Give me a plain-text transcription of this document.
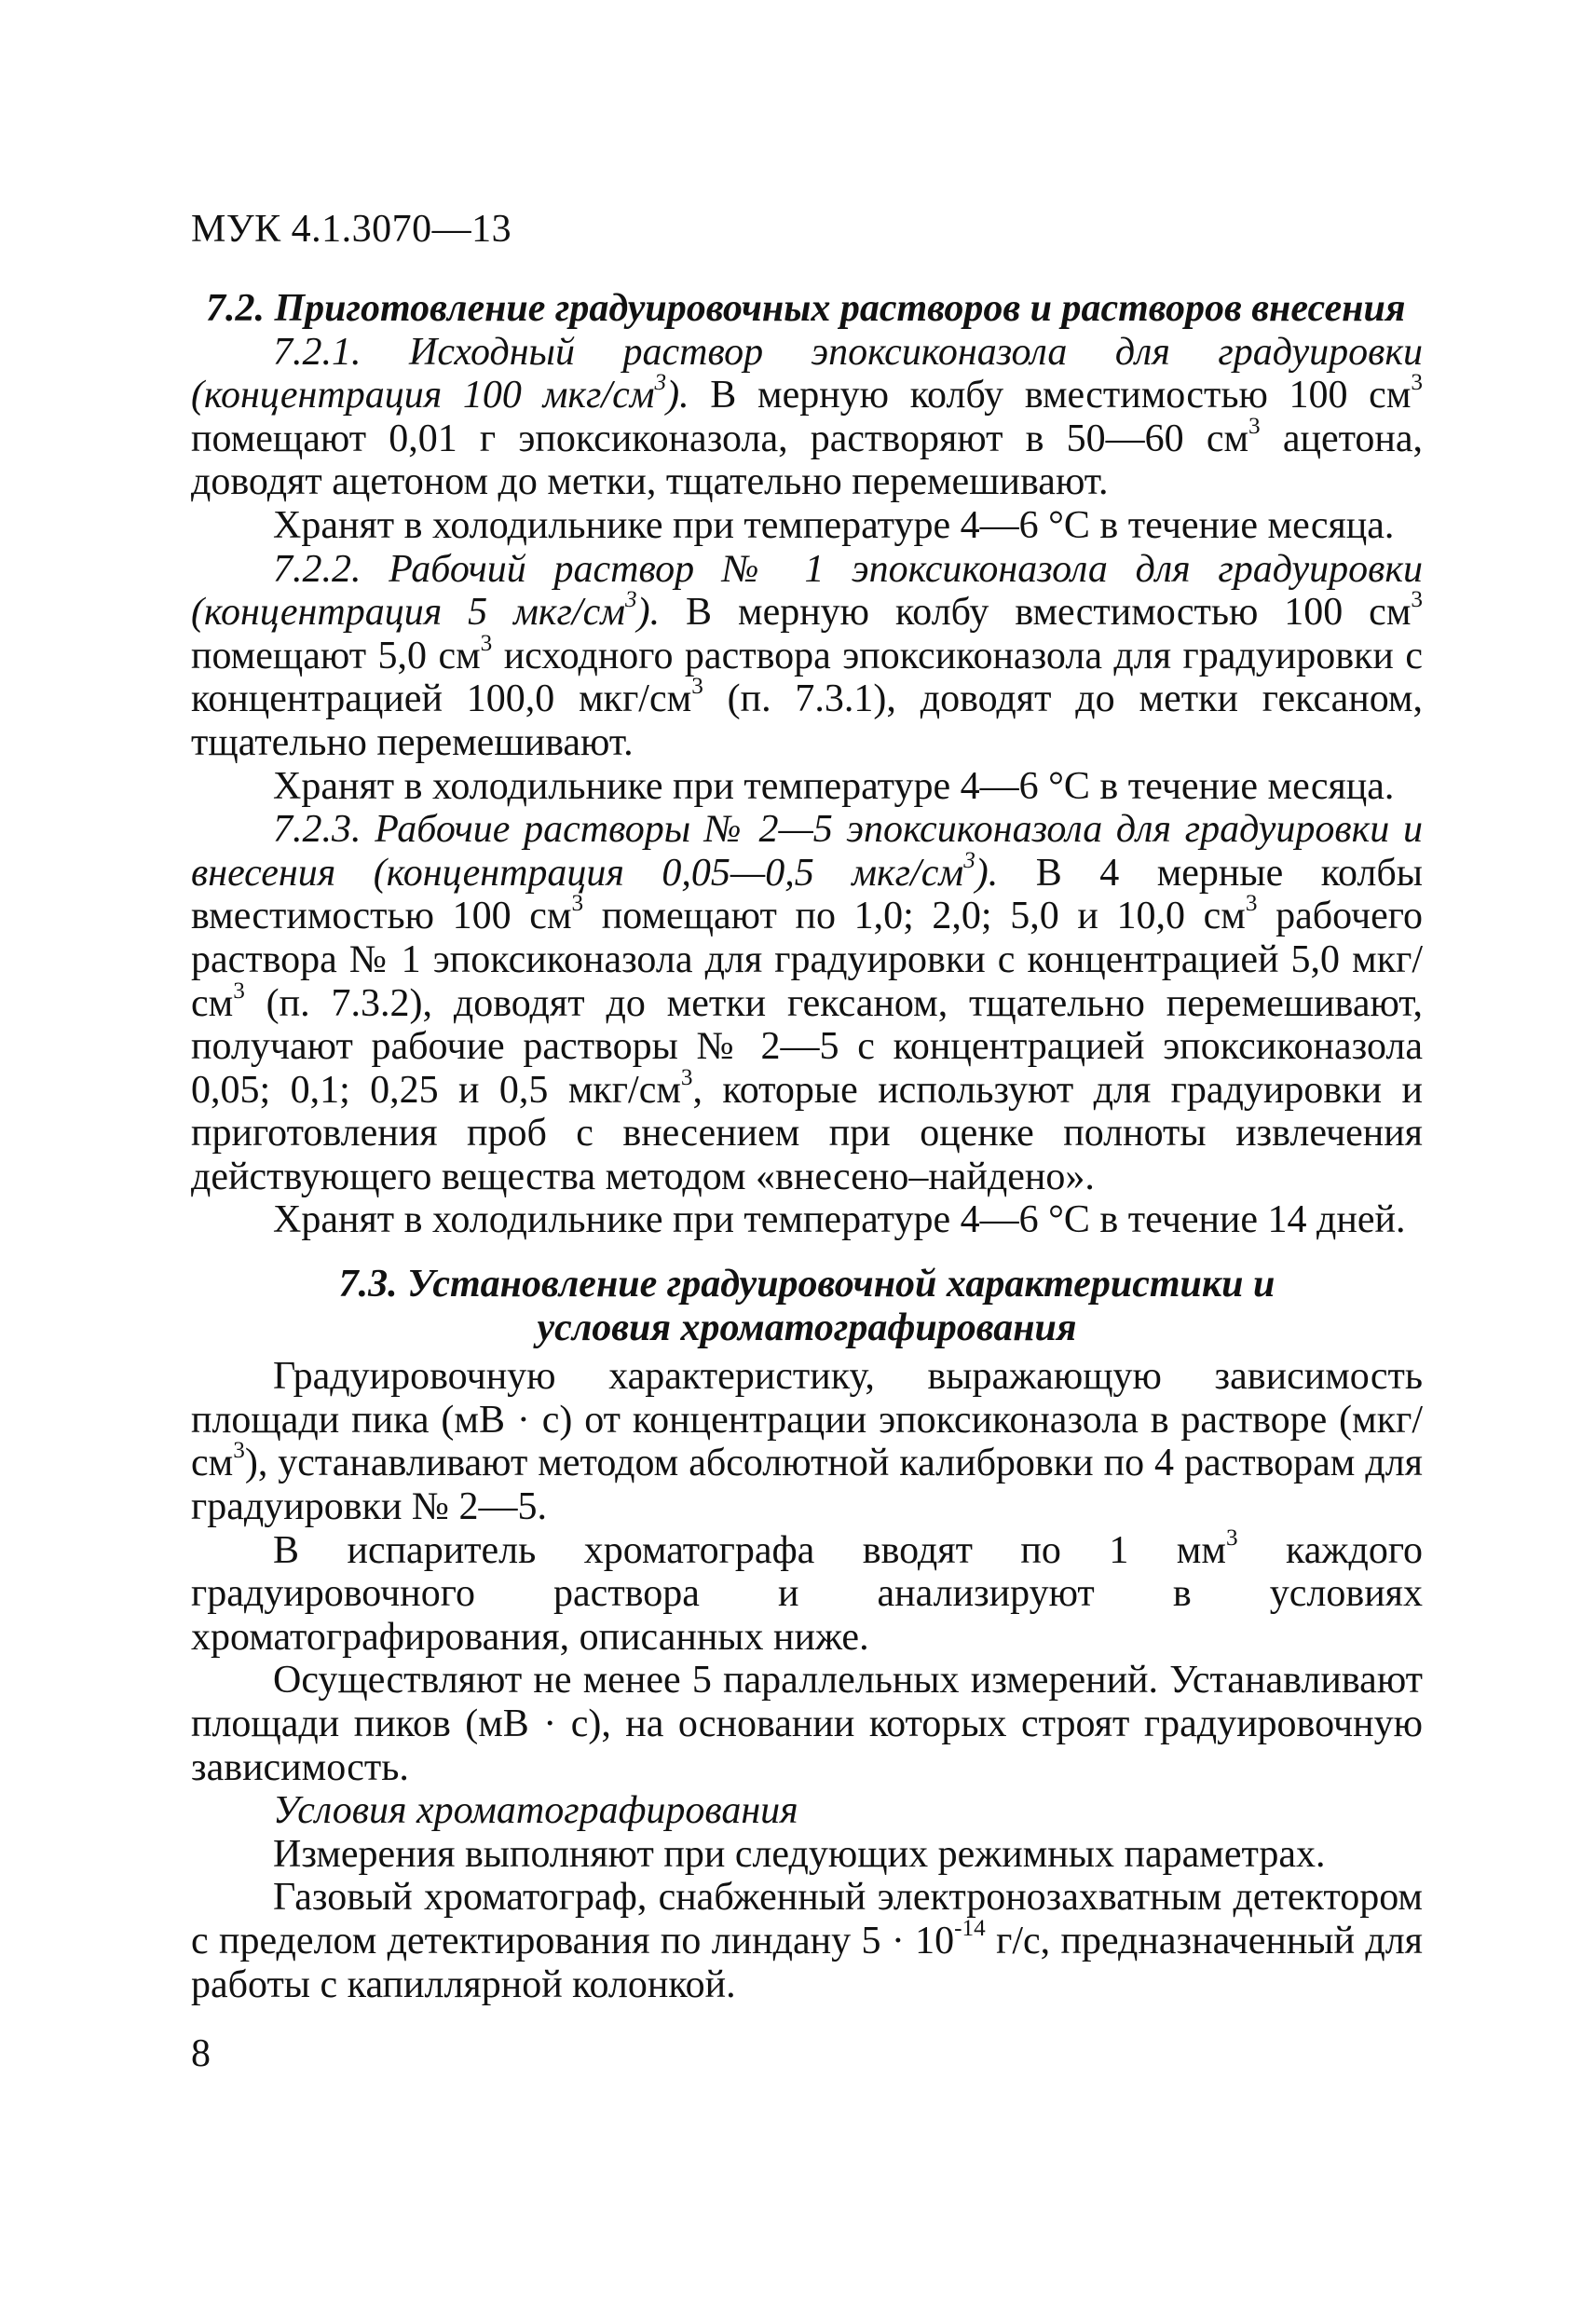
МУК 4.1.3070—13

7.2. Приготовление градуировочных растворов и растворов внесения

7.2.1. Исходный раствор эпоксиконазола для градуировки (концентрация 100 мкг/$см^3$). В мерную колбу вместимостью 100 $см^3$ помещают 0,01 г эпоксиконазола, растворяют в 50—60 $см^3$ ацетона, доводят ацетоном до метки, тщательно перемешивают.

Хранят в холодильнике при температуре 4—6 °С в течение месяца.

7.2.2. Рабочий раствор № 1 эпоксиконазола для градуировки (концентрация 5 мкг/$см^3$). В мерную колбу вместимостью 100 $см^3$ помещают 5,0 $см^3$ исходного раствора эпоксиконазола для градуировки с концентрацией 100,0 мкг/$см^3$ (п. 7.3.1), доводят до метки гексаном, тщательно перемешивают.

Хранят в холодильнике при температуре 4—6 °С в течение месяца.

7.2.3. Рабочие растворы № 2—5 эпоксиконазола для градуировки и внесения (концентрация 0,05—0,5 мкг/$см^3$). В 4 мерные колбы вместимостью 100 $см^3$ помещают по 1,0; 2,0; 5,0 и 10,0 $см^3$ рабочего раствора № 1 эпоксиконазола для градуировки с концентрацией 5,0 мкг/$см^3$ (п. 7.3.2), доводят до метки гексаном, тщательно перемешивают, получают рабочие растворы № 2—5 с концентрацией эпоксиконазола 0,05; 0,1; 0,25 и 0,5 мкг/$см^3$, которые используют для градуировки и приготовления проб с внесением при оценке полноты извлечения действующего вещества методом «внесено–найдено».

Хранят в холодильнике при температуре 4—6 °С в течение 14 дней.

7.3. Установление градуировочной характеристики и
условия хроматографирования

Градуировочную характеристику, выражающую зависимость площади пика (мВ · с) от концентрации эпоксиконазола в растворе $(мкг/см^3)$, устанавливают методом абсолютной калибровки по 4 растворам для градуировки № 2—5.

В испаритель хроматографа вводят по 1 $мм^3$ каждого градуировочного раствора и анализируют в условиях хроматографирования, описанных ниже.

Осуществляют не менее 5 параллельных измерений. Устанавливают площади пиков (мВ · с), на основании которых строят градуировочную зависимость.

Условия хроматографирования

Измерения выполняют при следующих режимных параметрах.

Газовый хроматограф, снабженный электронозахватным детектором с пределом детектирования по линдану $5 \cdot 10^{-14}$ г/с, предназначенный для работы с капиллярной колонкой.

8
